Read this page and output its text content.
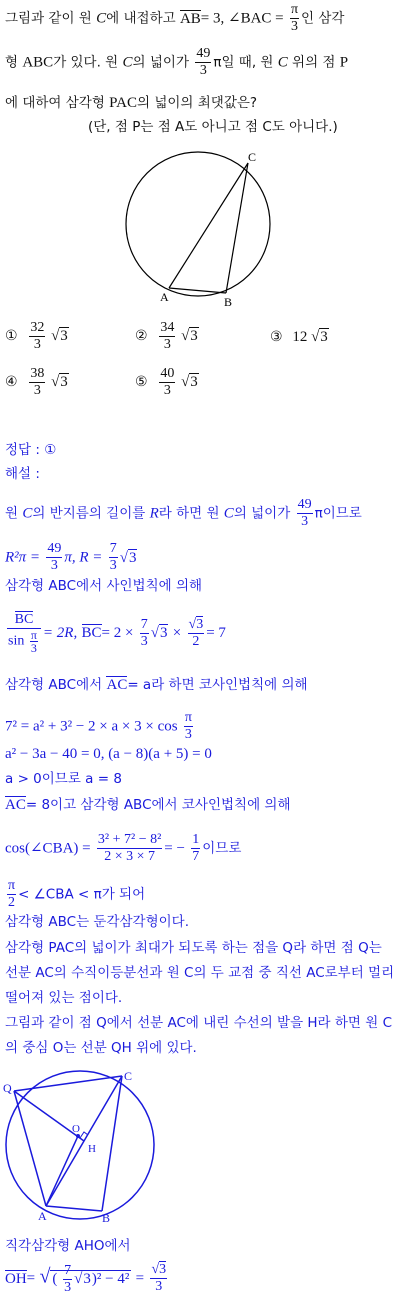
그림과 같이 원 C에 내접하고 AB= 3, ∠BAC = $\frac{\pi}{3}$ 인 삼각
형 ABC가 있다. 원 C의 넓이가 $\frac{49}{3}$ π일 때, 원 C 위의 점 P
에 대하여 삼각형 PAC의 넓이의 최댓값은?
(단, 점 P는 점 A도 아니고 점 C도 아니다.)
C
A	B
① $\frac{32}{3} √3$	② $\frac{34}{3} √3$	③ 12 √3
④ $\frac{38}{3} √3$	⑤ $\frac{40}{3} √3$
정답 : ①
해설 :
원 C의 반지름의 길이를 R라 하면 원 C의 넓이가 $\frac{49}{3}$ π이므로
$R^2\pi = \frac{49}{3} \pi$, $R = \frac{7}{3} √3$
삼각형 ABC에서 사인법칙에 의해
$\frac{BC}{\sin \frac{\pi}{3}} = 2R$, $BC= 2 \times \frac{7}{3} √3 \times \frac{√3}{2} = 7$
삼각형 ABC에서 AC= a라 하면 코사인법칙에 의해
$7^2 = a^2 + 3^2 - 2 \times a \times 3 \times \cos \frac{\pi}{3}$
a² − 3a − 40 = 0, (a − 8)(a + 5) = 0
a > 0이므로 a = 8
AC= 8이고 삼각형 ABC에서 코사인법칙에 의해
cos(∠CBA) = $\frac{\text{3² + 7² − 8²}}{2 \times 3 \times 7}$ = − $\frac{1}{7}$ 이므로
$\frac{\pi}{2}$ < ∠CBA < π가 되어
삼각형 ABC는 둔각삼각형이다.
삼각형 PAC의 넓이가 최대가 되도록 하는 점을 Q라 하면 점 Q는
선분 AC의 수직이등분선과 원 C의 두 교점 중 직선 AC로부터 멀리
떨어져 있는 점이다.
그림과 같이 점 Q에서 선분 AC에 내린 수선의 발을 H라 하면 원 C
의 중심 O는 선분 QH 위에 있다.
Q
C
O
H
A	B
직각삼각형 AHO에서
OH= √ ( $\frac{7}{3} √3)^2 - 4^2 = \frac{√3}{3}$
